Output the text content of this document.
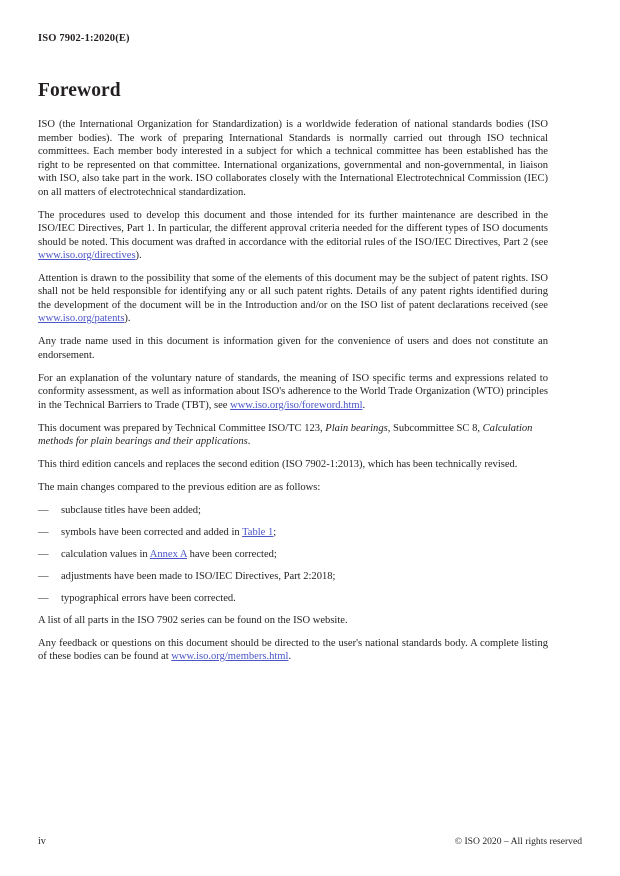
ISO 7902-1:2020(E)
Foreword

ISO (the International Organization for Standardization) is a worldwide federation of national standards bodies (ISO member bodies). The work of preparing International Standards is normally carried out through ISO technical committees. Each member body interested in a subject for which a technical committee has been established has the right to be represented on that committee. International organizations, governmental and non-governmental, in liaison with ISO, also take part in the work. ISO collaborates closely with the International Electrotechnical Commission (IEC) on all matters of electrotechnical standardization.

The procedures used to develop this document and those intended for its further maintenance are described in the ISO/IEC Directives, Part 1. In particular, the different approval criteria needed for the different types of ISO documents should be noted. This document was drafted in accordance with the editorial rules of the ISO/IEC Directives, Part 2 (see www.iso.org/directives).

Attention is drawn to the possibility that some of the elements of this document may be the subject of patent rights. ISO shall not be held responsible for identifying any or all such patent rights. Details of any patent rights identified during the development of the document will be in the Introduction and/or on the ISO list of patent declarations received (see www.iso.org/patents).

Any trade name used in this document is information given for the convenience of users and does not constitute an endorsement.

For an explanation of the voluntary nature of standards, the meaning of ISO specific terms and expressions related to conformity assessment, as well as information about ISO's adherence to the World Trade Organization (WTO) principles in the Technical Barriers to Trade (TBT), see www.iso.org/iso/foreword.html.

This document was prepared by Technical Committee ISO/TC 123, Plain bearings, Subcommittee SC 8, Calculation methods for plain bearings and their applications.

This third edition cancels and replaces the second edition (ISO 7902-1:2013), which has been technically revised.

The main changes compared to the previous edition are as follows:

—	subclause titles have been added;
—	symbols have been corrected and added in Table 1;
—	calculation values in Annex A have been corrected;
—	adjustments have been made to ISO/IEC Directives, Part 2:2018;
—	typographical errors have been corrected.

A list of all parts in the ISO 7902 series can be found on the ISO website.

Any feedback or questions on this document should be directed to the user's national standards body. A complete listing of these bodies can be found at www.iso.org/members.html.

iv	© ISO 2020 – All rights reserved
